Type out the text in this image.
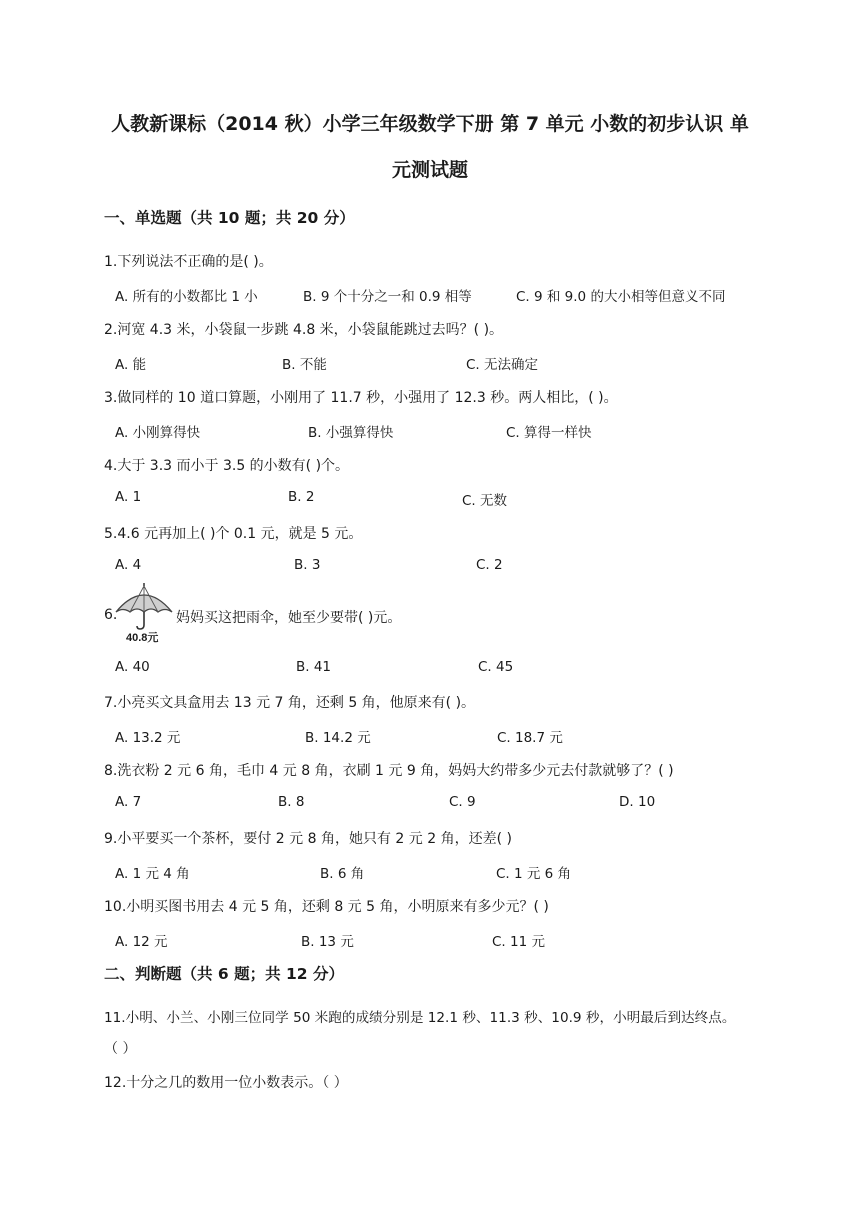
人教新课标（2014 秋）小学三年级数学下册 第 7 单元 小数的初步认识 单
元测试题
一、单选题（共 10 题；共 20 分）
1.下列说法不正确的是( )。
A. 所有的小数都比 1 小	B. 9 个十分之一和 0.9 相等	C. 9 和 9.0 的大小相等但意义不同
2.河宽 4.3 米，小袋鼠一步跳 4.8 米，小袋鼠能跳过去吗？( )。
A. 能	B. 不能	C. 无法确定
3.做同样的 10 道口算题，小刚用了 11.7 秒，小强用了 12.3 秒。两人相比，( )。
A. 小刚算得快	B. 小强算得快	C. 算得一样快
4.大于 3.3 而小于 3.5 的小数有( )个。
A. 1	B. 2	C. 无数
5.4.6 元再加上( )个 0.1 元，就是 5 元。
A. 4	B. 3	C. 2
6.
40.8元
妈妈买这把雨伞，她至少要带( )元。
A. 40	B. 41	C. 45
7.小亮买文具盒用去 13 元 7 角，还剩 5 角，他原来有( )。
A. 13.2 元	B. 14.2 元	C. 18.7 元
8.洗衣粉 2 元 6 角，毛巾 4 元 8 角，衣刷 1 元 9 角，妈妈大约带多少元去付款就够了？( )
A. 7	B. 8	C. 9	D. 10
9.小平要买一个茶杯，要付 2 元 8 角，她只有 2 元 2 角，还差( )
A. 1 元 4 角	B. 6 角	C. 1 元 6 角
10.小明买图书用去 4 元 5 角，还剩 8 元 5 角，小明原来有多少元？( )
A. 12 元	B. 13 元	C. 11 元
二、判断题（共 6 题；共 12 分）
11.小明、小兰、小刚三位同学 50 米跑的成绩分别是 12.1 秒、11.3 秒、10.9 秒，小明最后到达终点。
（ ）
12.十分之几的数用一位小数表示。（ ）
